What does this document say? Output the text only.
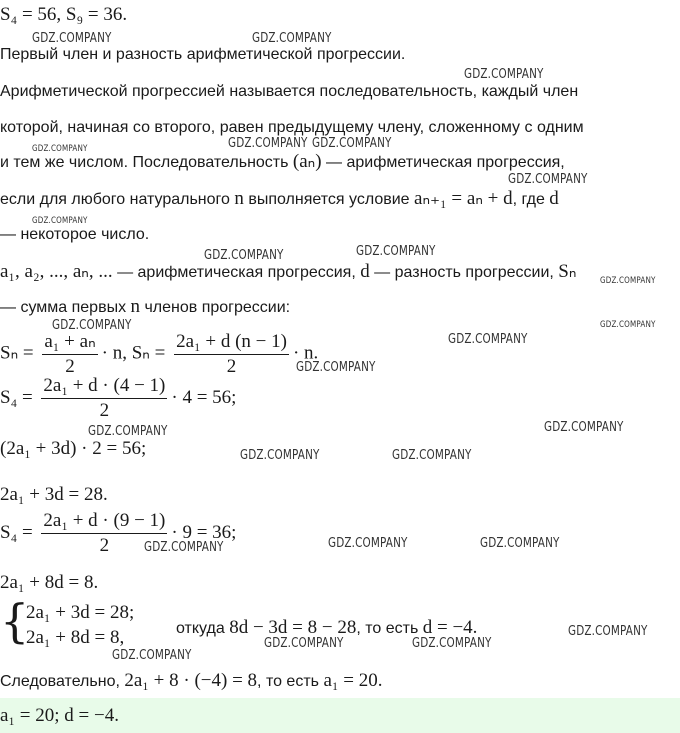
S₄ = 56, S₉ = 36.
Первый член и разность арифметической прогрессии.
Арифметической прогрессией называется последовательность, каждый член
которой, начиная со второго, равен предыдущему члену, сложенному с одним
и тем же числом. Последовательность (aₙ) — арифметическая прогрессия,
если для любого натурального n выполняется условие aₙ₊₁ = aₙ + d, где d
— некоторое число.
a₁, a₂, ..., aₙ, ... — арифметическая прогрессия, d — разность прогрессии, Sₙ
— сумма первых n членов прогрессии:
$S_n = \frac{\text{a₁ + aₙ}}{2} \cdot n$, $S_n = \frac{\text{2a₁ + d (n − 1)}}{2} \cdot n$.
$S_4 = \frac{\text{2a₁ + d · (4 − 1)}}{2} \cdot 4 = 56$;
(2a₁ + 3d) · 2 = 56;
2a₁ + 3d = 28.
$S_4 = \frac{\text{2a₁ + d · (9 − 1)}}{2} \cdot 9 = 36$;
2a₁ + 8d = 8.
{
2a₁ + 3d = 28;
2a₁ + 8d = 8,	откуда 8d − 3d = 8 − 28, то есть d = −4.
Следовательно, 2a₁ + 8 · (−4) = 8, то есть a₁ = 20.
a₁ = 20; d = −4.
GDZ.COMPANY	GDZ.COMPANY
GDZ.COMPANY
GDZ.COMPANY	GDZ.COMPANY GDZ.COMPANY
GDZ.COMPANY
GDZ.COMPANY
GDZ.COMPANY	GDZ.COMPANY
GDZ.COMPANY
GDZ.COMPANY	GDZ.COMPANY
GDZ.COMPANY
GDZ.COMPANY
GDZ.COMPANY
GDZ.COMPANY
GDZ.COMPANY	GDZ.COMPANY
GDZ.COMPANY	GDZ.COMPANY	GDZ.COMPANY
GDZ.COMPANY
GDZ.COMPANY	GDZ.COMPANY
GDZ.COMPANY
